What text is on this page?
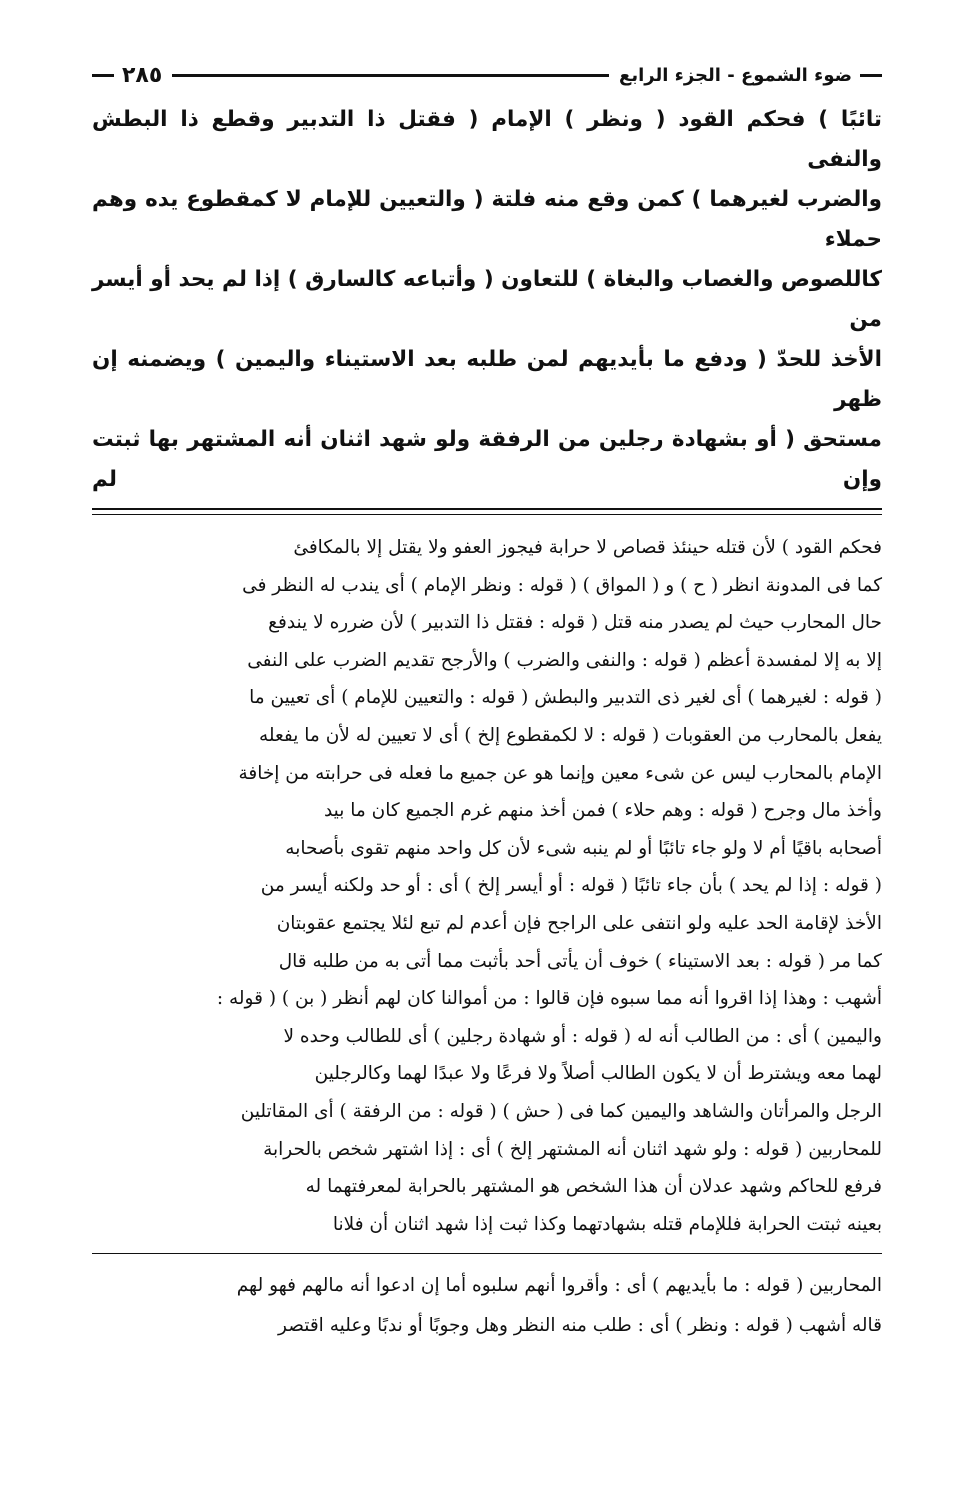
٢٨٥	ضوء الشموع - الجزء الرابع

تائبًا ) فحكم القود ( ونظر ) الإمام ( فقتل ذا التدبير وقطع ذا البطش والنفى

والضرب لغيرهما ) كمن وقع منه فلتة ( والتعيين للإمام لا كمقطوع يده وهم حملاء

كاللصوص والغصاب والبغاة ) للتعاون ( وأتباعه كالسارق ) إذا لم يحد أو أيسر من

الأخذ للحدّ ( ودفع ما بأيديهم لمن طلبه بعد الاستيناء واليمين ) ويضمنه إن ظهر

مستحق ( أو بشهادة رجلين من الرفقة ولو شهد اثنان أنه المشتهر بها ثبتت وإن لم

فحكم القود ) لأن قتله حينئذ قصاص لا حرابة فيجوز العفو ولا يقتل إلا بالمكافئ

كما فى المدونة انظر ( ح ) و ( المواق ) ( قوله : ونظر الإمام ) أى يندب له النظر فى

حال المحارب حيث لم يصدر منه قتل ( قوله : فقتل ذا التدبير ) لأن ضرره لا يندفع

إلا به إلا لمفسدة أعظم ( قوله : والنفى والضرب ) والأرجح تقديم الضرب على النفى

( قوله : لغيرهما ) أى لغير ذى التدبير والبطش ( قوله : والتعيين للإمام ) أى تعيين ما

يفعل بالمحارب من العقوبات ( قوله : لا لكمقطوع إلخ ) أى لا تعيين له لأن ما يفعله

الإمام بالمحارب ليس عن شىء معين وإنما هو عن جميع ما فعله فى حرابته من إخافة

وأخذ مال وجرح ( قوله : وهم حلاء ) فمن أخذ منهم غرم الجميع كان ما بيد

أصحابه باقيًا أم لا ولو جاء تائبًا أو لم ينبه شىء لأن كل واحد منهم تقوى بأصحابه

( قوله : إذا لم يحد ) بأن جاء تائبًا ( قوله : أو أيسر إلخ ) أى : أو حد ولكنه أيسر من

الأخذ لإقامة الحد عليه ولو انتفى على الراجح فإن أعدم لم تبع لئلا يجتمع عقوبتان

كما مر ( قوله : بعد الاستيناء ) خوف أن يأتى أحد بأثبت مما أتى به من طلبه قال

أشهب : وهذا إذا اقروا أنه مما سبوه فإن قالوا : من أموالنا كان لهم أنظر ( بن ) ( قوله :

واليمين ) أى : من الطالب أنه له ( قوله : أو شهادة رجلين ) أى للطالب وحده لا

لهما معه ويشترط أن لا يكون الطالب أصلاً ولا فرعًا ولا عبدًا لهما وكالرجلين

الرجل والمرأتان والشاهد واليمين كما فى ( حش ) ( قوله : من الرفقة ) أى المقاتلين

للمحاربين ( قوله : ولو شهد اثنان أنه المشتهر إلخ ) أى : إذا اشتهر شخص بالحرابة

فرفع للحاكم وشهد عدلان أن هذا الشخص هو المشتهر بالحرابة لمعرفتهما له

بعينه ثبتت الحرابة فللإمام قتله بشهادتهما وكذا ثبت إذا شهد اثنان أن فلانا

المحاربين ( قوله : ما بأيديهم ) أى : وأقروا أنهم سلبوه أما إن ادعوا أنه مالهم فهو لهم

قاله أشهب ( قوله : ونظر ) أى : طلب منه النظر وهل وجوبًا أو ندبًا وعليه اقتصر
